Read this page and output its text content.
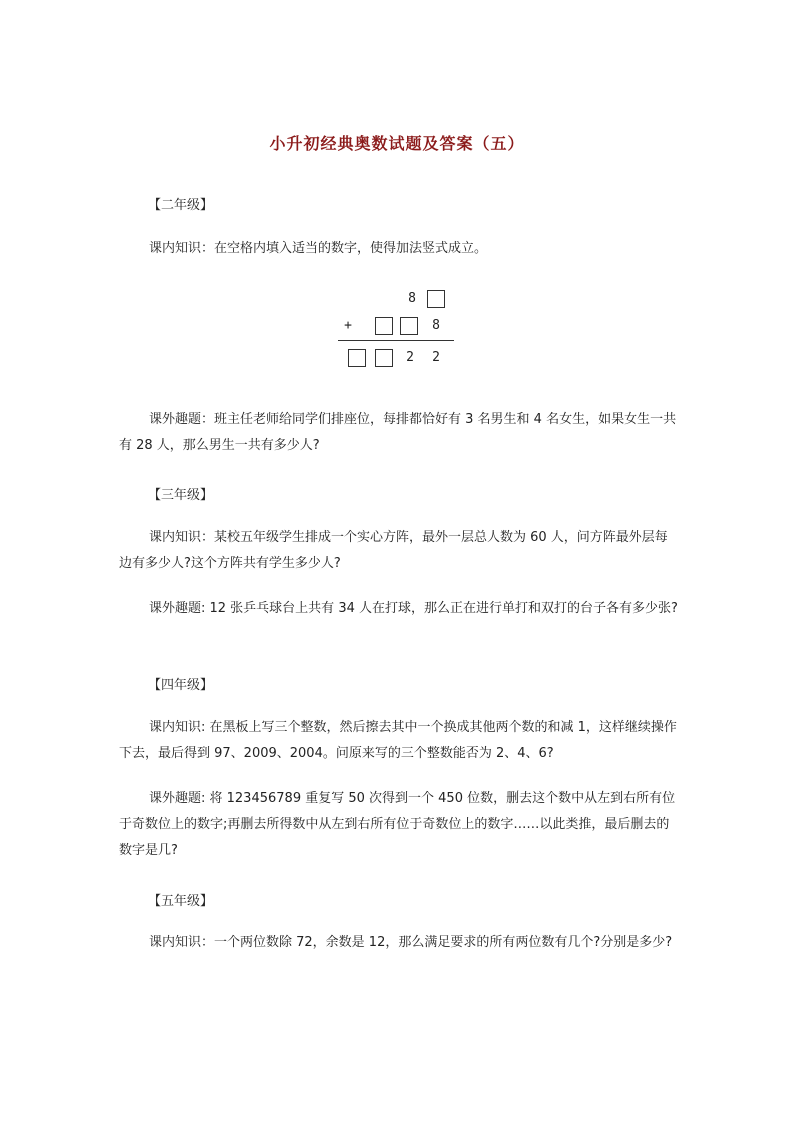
小升初经典奥数试题及答案（五）
【二年级】
课内知识：在空格内填入适当的数字，使得加法竖式成立。
8
+	8
2	2
课外趣题：班主任老师给同学们排座位，每排都恰好有 3 名男生和 4 名女生，如果女生一共有 28 人，那么男生一共有多少人?
【三年级】
课内知识：某校五年级学生排成一个实心方阵，最外一层总人数为 60 人，问方阵最外层每边有多少人?这个方阵共有学生多少人?
课外趣题: 12 张乒乓球台上共有 34 人在打球，那么正在进行单打和双打的台子各有多少张?
【四年级】
课内知识: 在黑板上写三个整数，然后擦去其中一个换成其他两个数的和减 1，这样继续操作下去，最后得到 97、2009、2004。问原来写的三个整数能否为 2、4、6?
课外趣题: 将 123456789 重复写 50 次得到一个 450 位数，删去这个数中从左到右所有位于奇数位上的数字;再删去所得数中从左到右所有位于奇数位上的数字……以此类推，最后删去的数字是几?
【五年级】
课内知识：一个两位数除 72，余数是 12，那么满足要求的所有两位数有几个?分别是多少?
